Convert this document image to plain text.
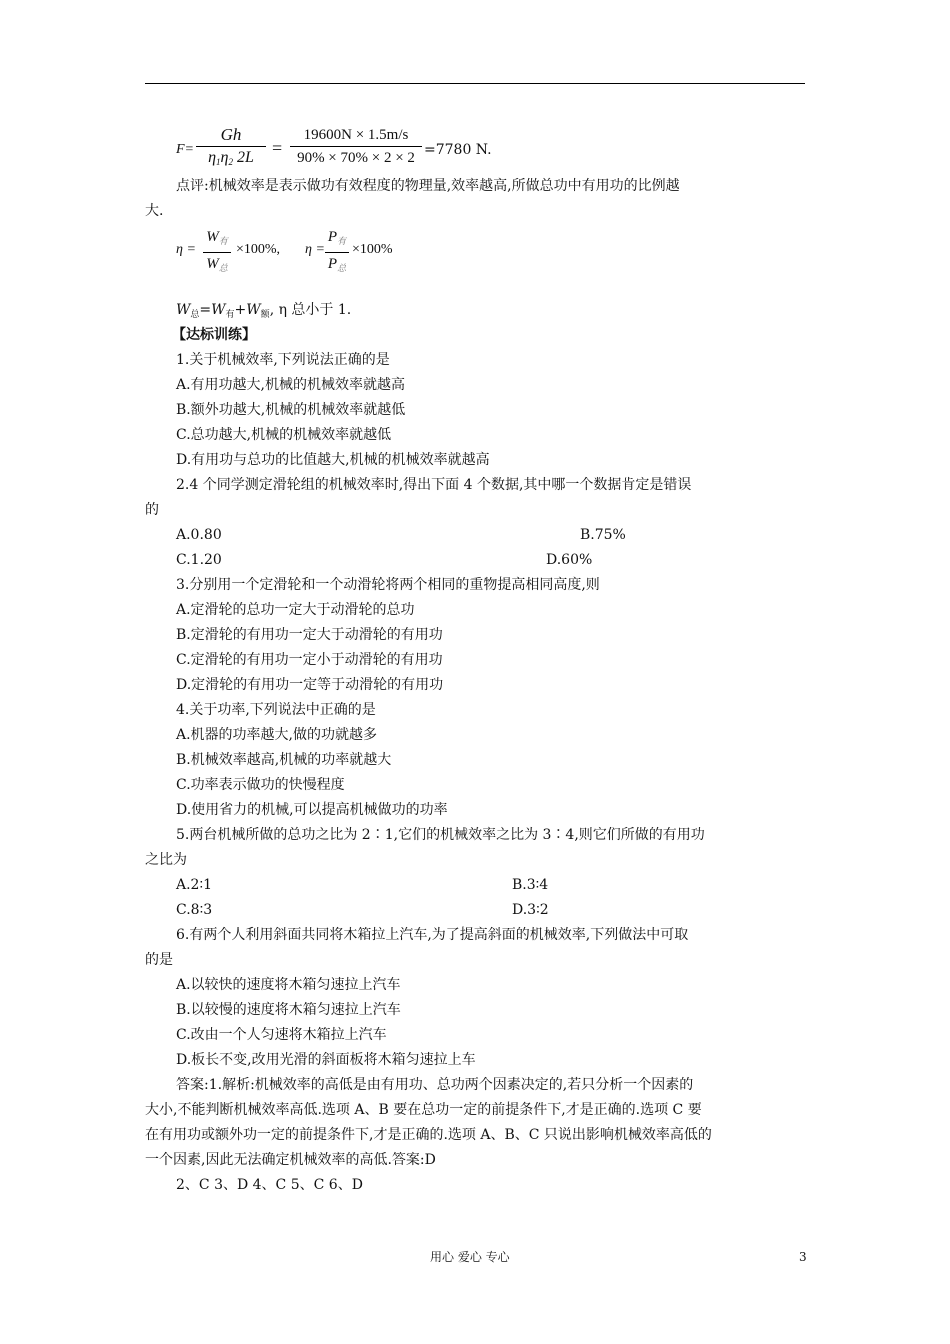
F=
Gh
$\eta_1\eta_2$ 2L	=
19600N × 1.5m/s
90% × 70% × 2 × 2 =7780 N.
点评:机械效率是表示做功有效程度的物理量,效率越高,所做总功中有用功的比例越
大.
η =
$W_有$
$W_总$
×100%, η =
$P_有$
$P_总$
×100%
$W_总=W_有+W_额$, η 总小于 1.
【达标训练】
1.关于机械效率,下列说法正确的是
A.有用功越大,机械的机械效率就越高
B.额外功越大,机械的机械效率就越低
C.总功越大,机械的机械效率就越低
D.有用功与总功的比值越大,机械的机械效率就越高
2.4 个同学测定滑轮组的机械效率时,得出下面 4 个数据,其中哪一个数据肯定是错误
的
3.分别用一个定滑轮和一个动滑轮将两个相同的重物提高相同高度,则
A.定滑轮的总功一定大于动滑轮的总功
B.定滑轮的有用功一定大于动滑轮的有用功
C.定滑轮的有用功一定小于动滑轮的有用功
D.定滑轮的有用功一定等于动滑轮的有用功
4.关于功率,下列说法中正确的是
A.机器的功率越大,做的功就越多
B.机械效率越高,机械的功率就越大
C.功率表示做功的快慢程度
D.使用省力的机械,可以提高机械做功的功率
5.两台机械所做的总功之比为 2∶1,它们的机械效率之比为 3∶4,则它们所做的有用功
之比为
6.有两个人利用斜面共同将木箱拉上汽车,为了提高斜面的机械效率,下列做法中可取
的是
A.以较快的速度将木箱匀速拉上汽车
B.以较慢的速度将木箱匀速拉上汽车
C.改由一个人匀速将木箱拉上汽车
D.板长不变,改用光滑的斜面板将木箱匀速拉上车
答案:1.解析:机械效率的高低是由有用功、总功两个因素决定的,若只分析一个因素的
大小,不能判断机械效率高低.选项 A、B 要在总功一定的前提条件下,才是正确的.选项 C 要
在有用功或额外功一定的前提条件下,才是正确的.选项 A、B、C 只说出影响机械效率高低的
一个因素,因此无法确定机械效率的高低.答案:D
2、C 3、D 4、C 5、C 6、D
A.0.80	B.75%
C.1.20	D.60%
A.2∶1	B.3∶4
C.8∶3	D.3∶2
用心 爱心 专心	3
